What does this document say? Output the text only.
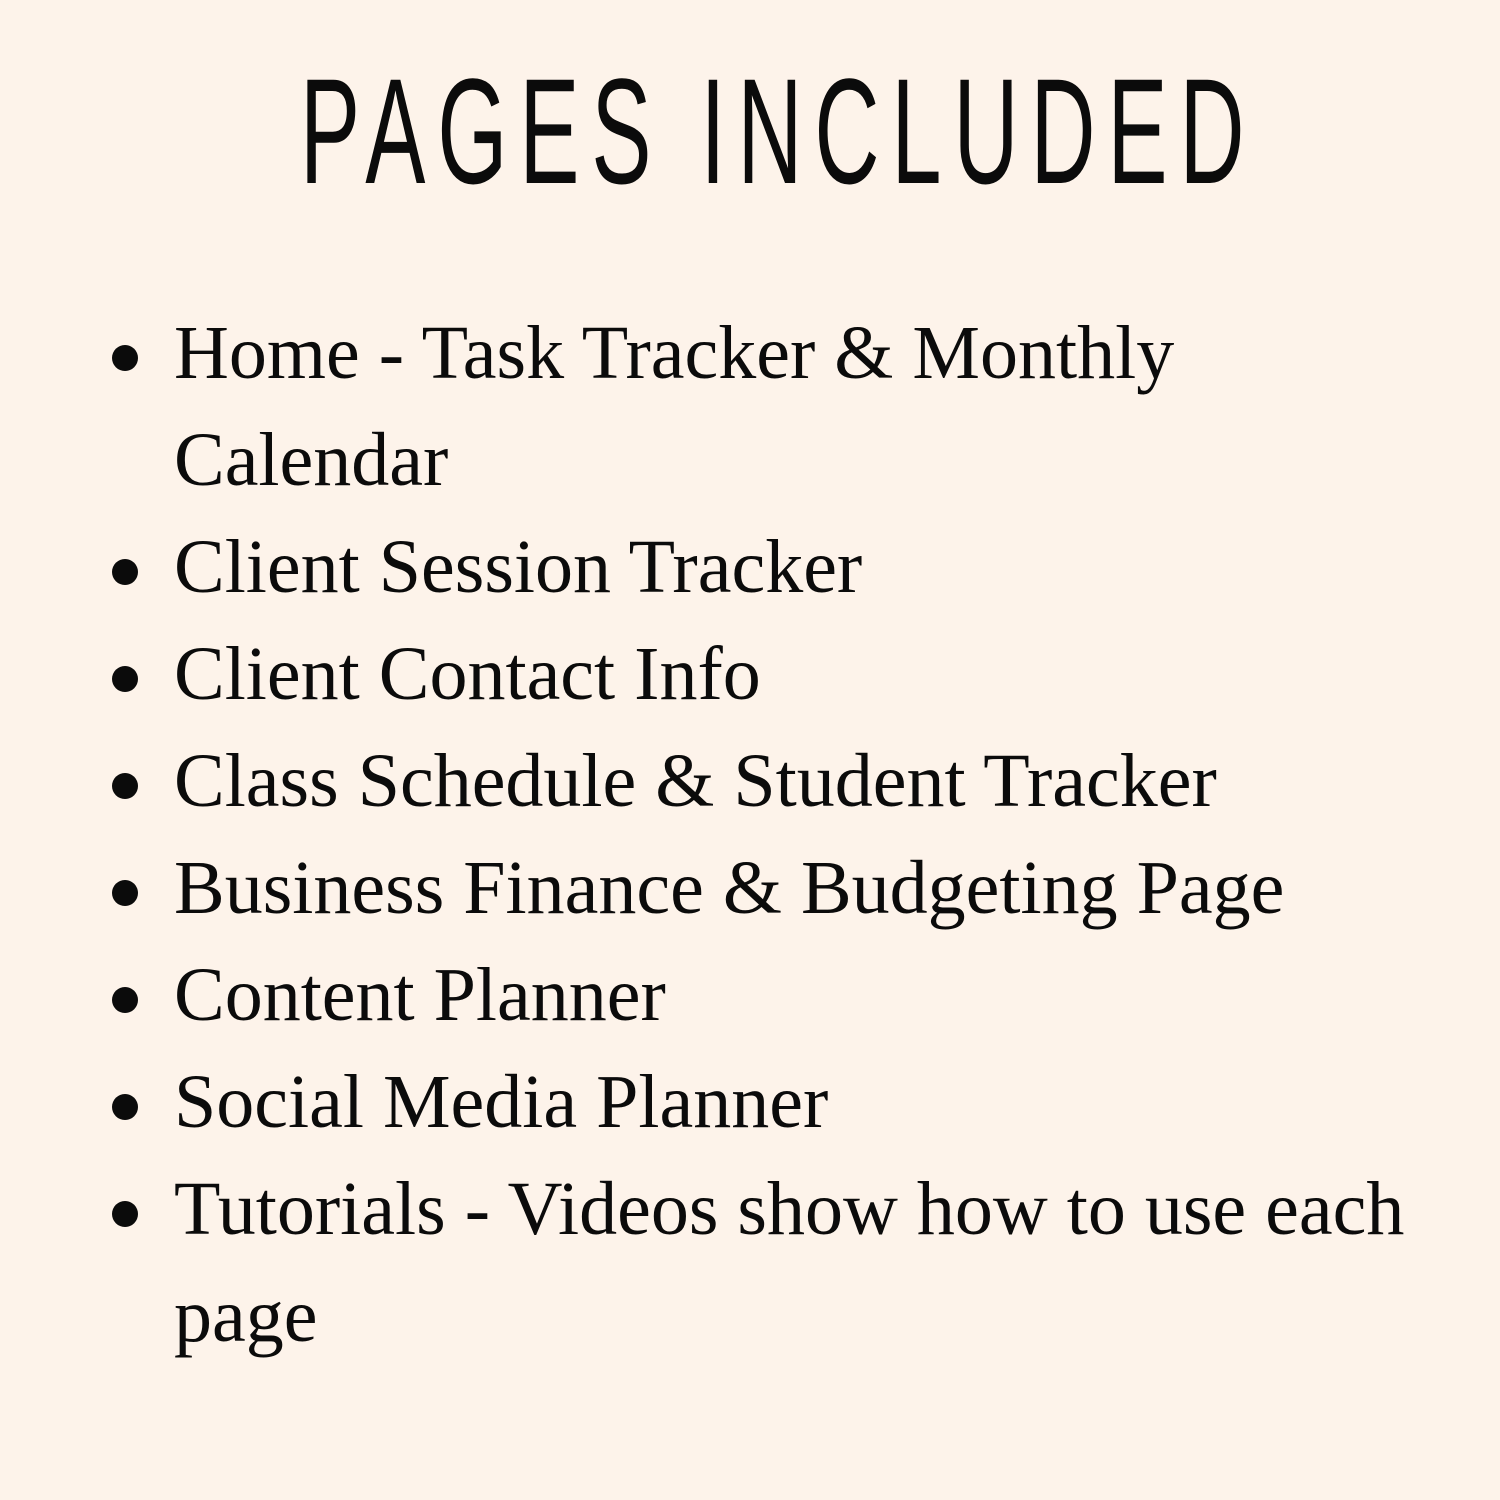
PAGES INCLUDED
Home - Task Tracker & Monthly Calendar
Client Session Tracker
Client Contact Info
Class Schedule & Student Tracker
Business Finance & Budgeting Page
Content Planner
Social Media Planner
Tutorials - Videos show how to use each page
